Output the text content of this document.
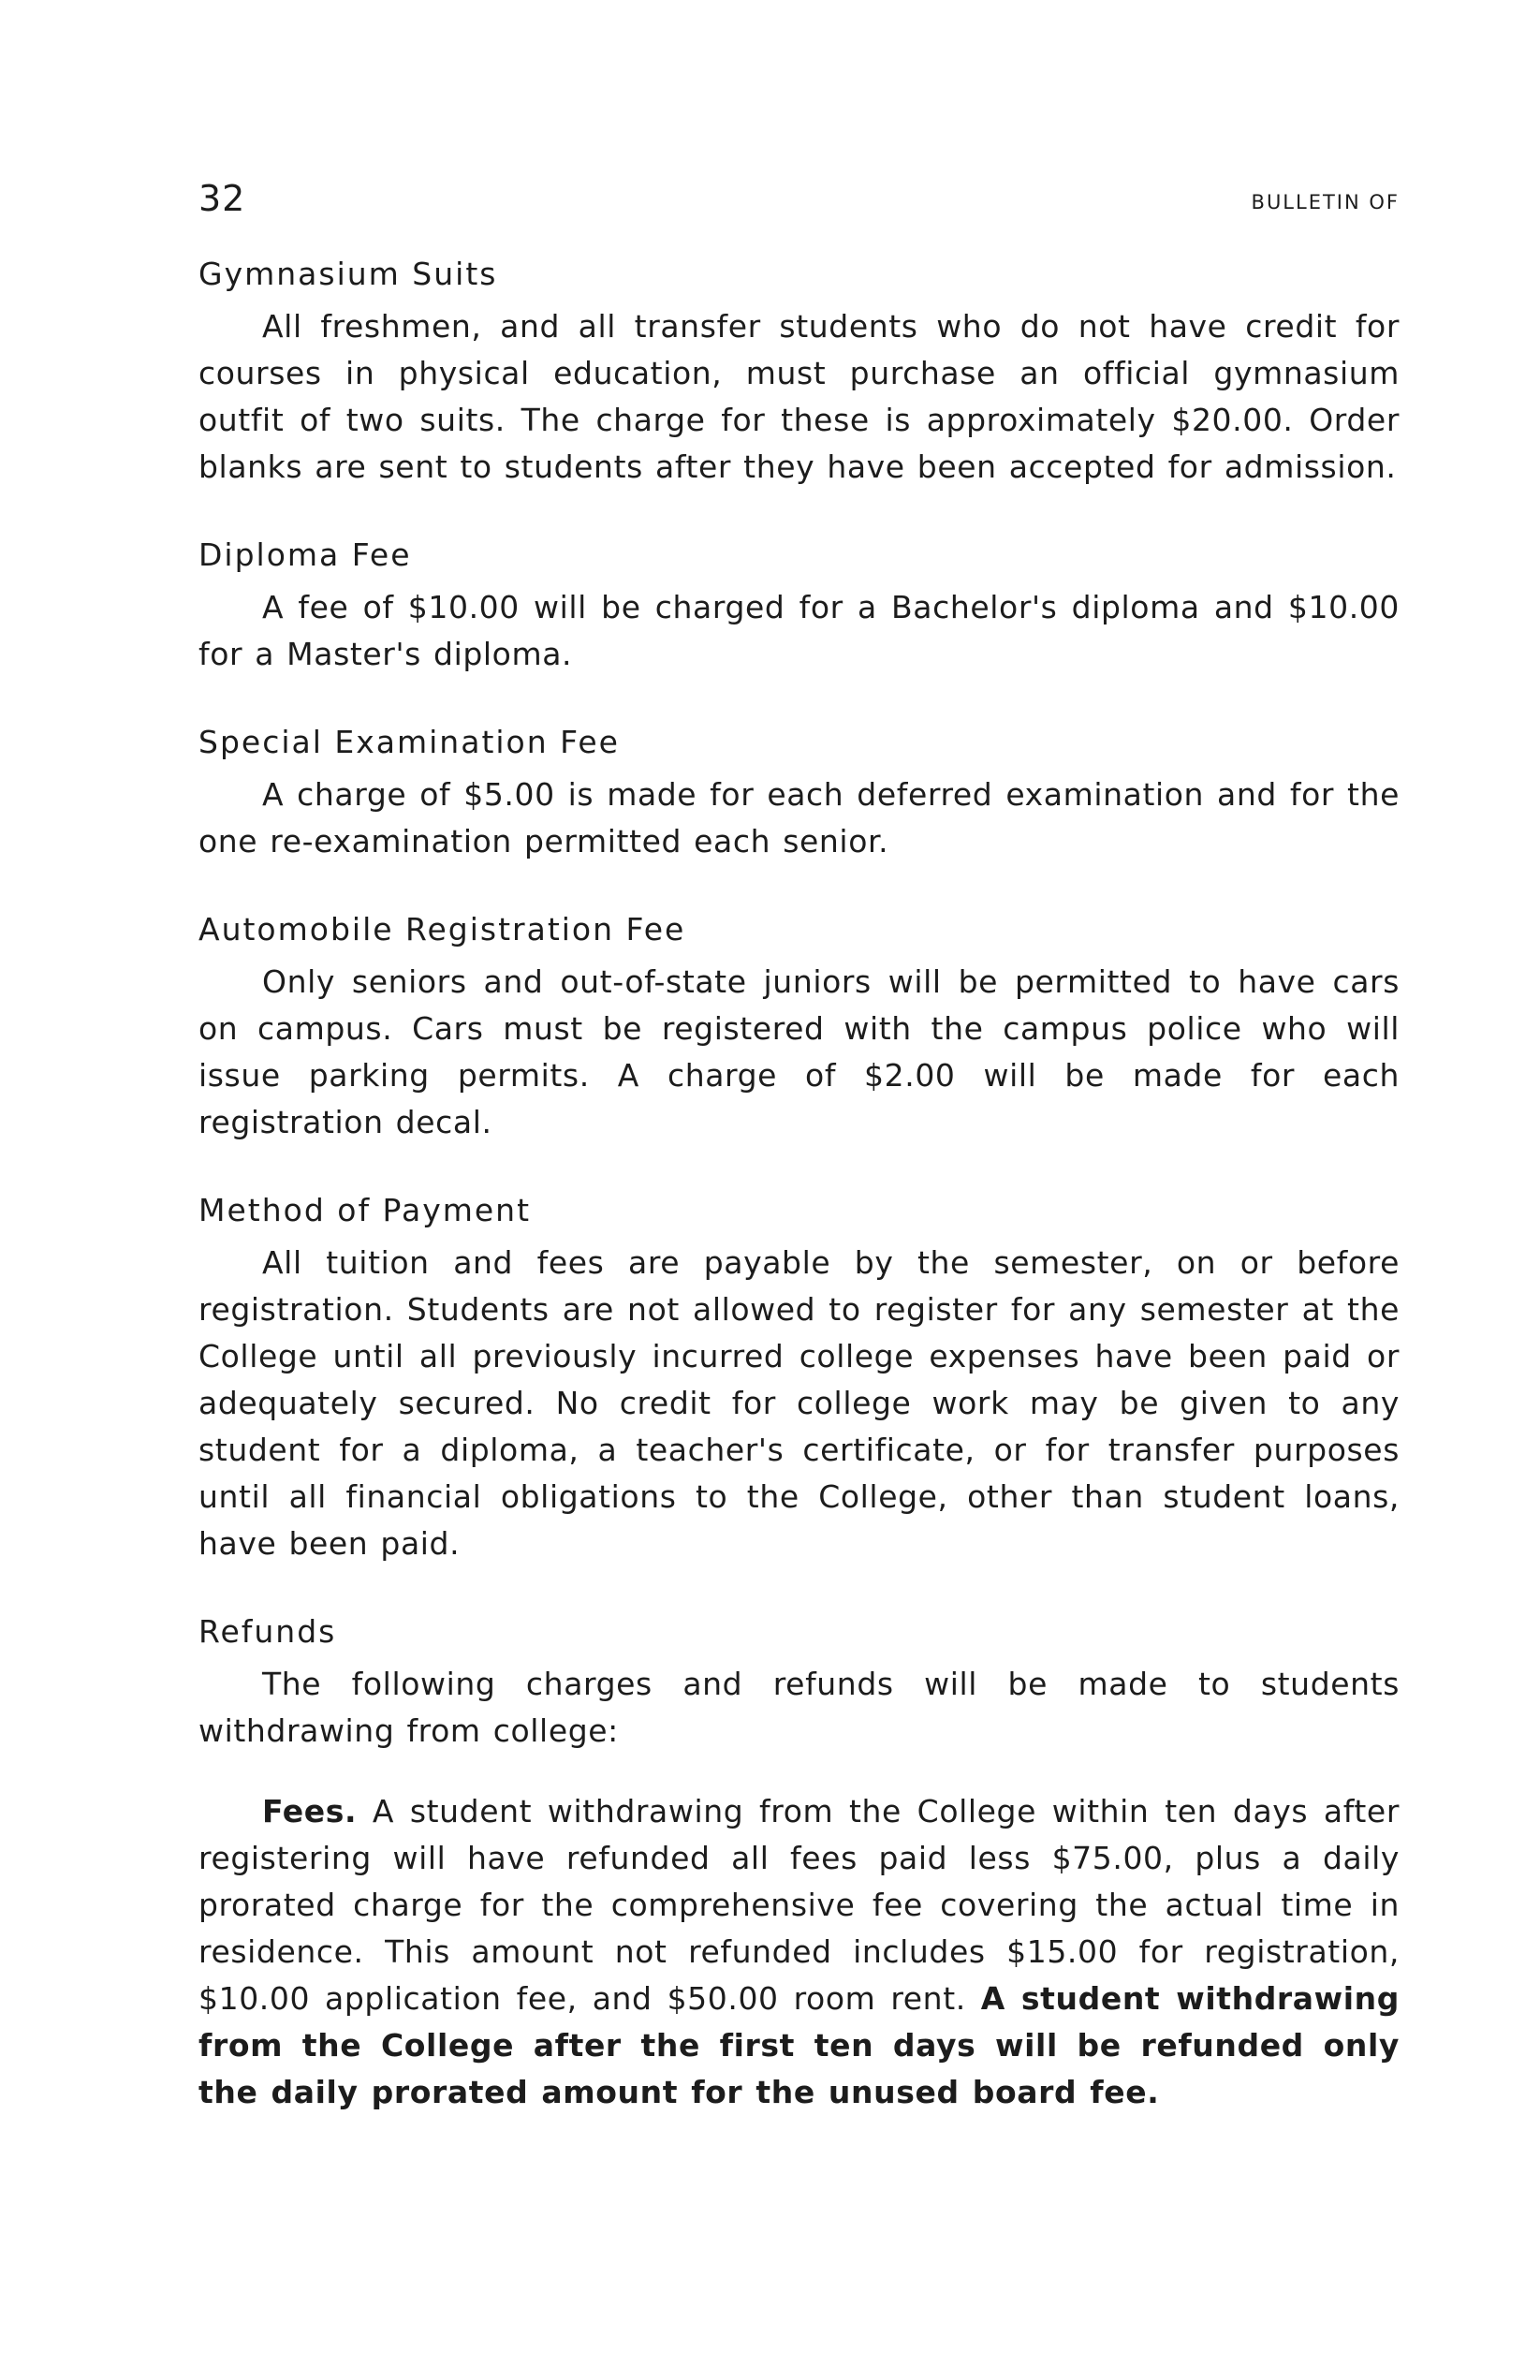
32	BULLETIN OF
Gymnasium Suits

All freshmen, and all transfer students who do not have credit for courses in physical education, must purchase an official gymnasium outfit of two suits. The charge for these is approximately $20.00. Order blanks are sent to students after they have been accepted for admission.

Diploma Fee

A fee of $10.00 will be charged for a Bachelor's diploma and $10.00 for a Master's diploma.

Special Examination Fee

A charge of $5.00 is made for each deferred examination and for the one re-examination permitted each senior.

Automobile Registration Fee

Only seniors and out-of-state juniors will be permitted to have cars on campus. Cars must be registered with the campus police who will issue parking permits. A charge of $2.00 will be made for each registration decal.

Method of Payment

All tuition and fees are payable by the semester, on or before registration. Students are not allowed to register for any semester at the College until all previously incurred college expenses have been paid or adequately secured. No credit for college work may be given to any student for a diploma, a teacher's certificate, or for transfer purposes until all financial obligations to the College, other than student loans, have been paid.

Refunds

The following charges and refunds will be made to students withdrawing from college:

Fees. A student withdrawing from the College within ten days after registering will have refunded all fees paid less $75.00, plus a daily prorated charge for the comprehensive fee covering the actual time in residence. This amount not refunded includes $15.00 for registration, $10.00 application fee, and $50.00 room rent. A student withdrawing from the College after the first ten days will be refunded only the daily prorated amount for the unused board fee.
